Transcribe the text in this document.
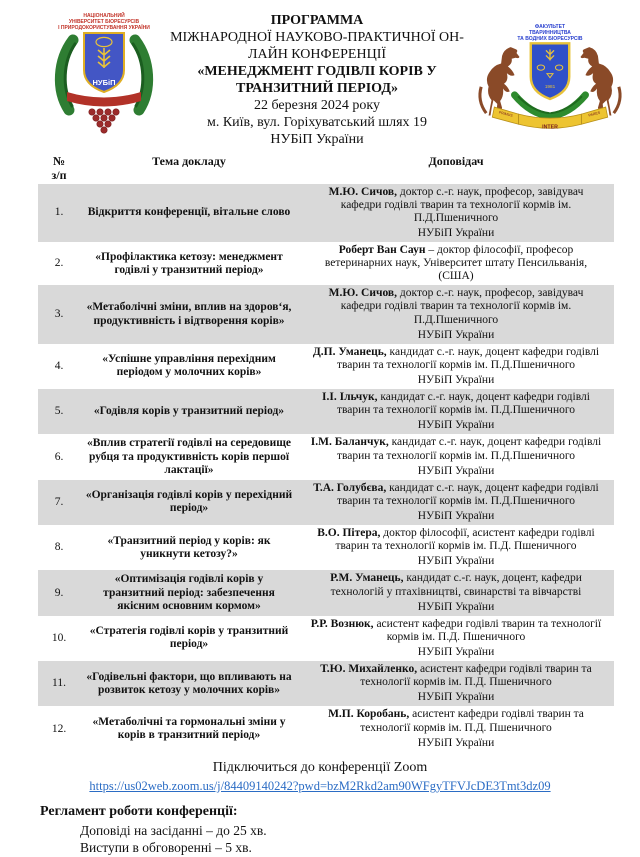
НАЦІОНАЛЬНИЙ
УНІВЕРСИТЕТ БІОРЕСУРСІВ
І ПРИРОДОКОРИСТУВАННЯ УКРАЇНИ
НУБіП
ПРОГРАММА
МІЖНАРОДНОЇ НАУКОВО-ПРАКТИЧНОЇ ОН-
ЛАЙН КОНФЕРЕНЦІЇ
«МЕНЕДЖМЕНТ ГОДІВЛІ КОРІВ У
ТРАНЗИТНИЙ ПЕРІОД»
22 березня 2024 року
м. Київ, вул. Горіхуватський шлях 19
НУБіП України
ФАКУЛЬТЕТ
ТВАРИННИЦТВА
ТА ВОДНИХ БІОРЕСУРСІВ
1981
PRIMUS	PARES
INTER
№
з/п	Тема докладу	Доповідач
1.	Відкриття конференції, вітальне слово	М.Ю. Сичов, доктор с.-г. наук, професор, завідувач кафедри годівлі тварин та технології кормів ім. П.Д.Пшеничного
НУБіП України

2.	«Профілактика кетозу: менеджмент годівлі у транзитний період»	Роберт Ван Саун – доктор філософії, професор ветеринарних наук, Університет штату Пенсильванія, (США)
3.	«Метаболічні зміни, вплив на здоров‘я, продуктивність і відтворення корів»	М.Ю. Сичов, доктор с.-г. наук, професор, завідувач кафедри годівлі тварин та технології кормів ім. П.Д.Пшеничного
НУБіП України

4.	«Успішне управління перехідним періодом у молочних корів»	Д.П. Уманець, кандидат с.-г. наук, доцент кафедри годівлі тварин та технології кормів ім. П.Д.Пшеничного
НУБіП України

5.	«Годівля корів у транзитний період»	І.І. Ільчук, кандидат с.-г. наук, доцент кафедри годівлі тварин та технології кормів ім. П.Д.Пшеничного
НУБіП України

6.	«Вплив стратегії годівлі на середовище рубця та продуктивність корів першої лактації»	І.М. Баланчук, кандидат с.-г. наук, доцент кафедри годівлі тварин та технології кормів ім. П.Д.Пшеничного
НУБіП України

7.	«Організація годівлі корів у перехідний період»	Т.А. Голубєва, кандидат с.-г. наук, доцент кафедри годівлі тварин та технології кормів ім. П.Д.Пшеничного
НУБіП України

8.	«Транзитний період у корів: як уникнути кетозу?»	В.О. Пітера, доктор філософії, асистент кафедри годівлі тварин та технології кормів ім. П.Д. Пшеничного
НУБіП України

9.	«Оптимізація годівлі корів у транзитний період: забезпечення якісним основним кормом»	Р.М. Уманець, кандидат с.-г. наук, доцент, кафедри технологій у птахівництві, свинарстві та вівчарстві
НУБіП України

10.	«Стратегія годівлі корів у транзитний період»	Р.Р. Вознюк, асистент кафедри годівлі тварин та технології кормів ім. П.Д. Пшеничного
НУБіП України

11.	«Годівельні фактори, що впливають на розвиток кетозу у молочних корів»	Т.Ю. Михайленко, асистент кафедри годівлі тварин та технології кормів ім. П.Д. Пшеничного
НУБіП України

12.	«Метаболічні та гормональні зміни у корів в транзитний період»	М.П. Коробань, асистент кафедри годівлі тварин та технології кормів ім. П.Д. Пшеничного
НУБіП України
Підключиться до конференції Zoom
https://us02web.zoom.us/j/84409140242?pwd=bzM2Rkd2am90WFgyTFVJcDE3Tmt3dz09
Регламент роботи конференції:
Доповіді на засіданні – до 25 хв.
Виступи в обговоренні – 5 хв.
